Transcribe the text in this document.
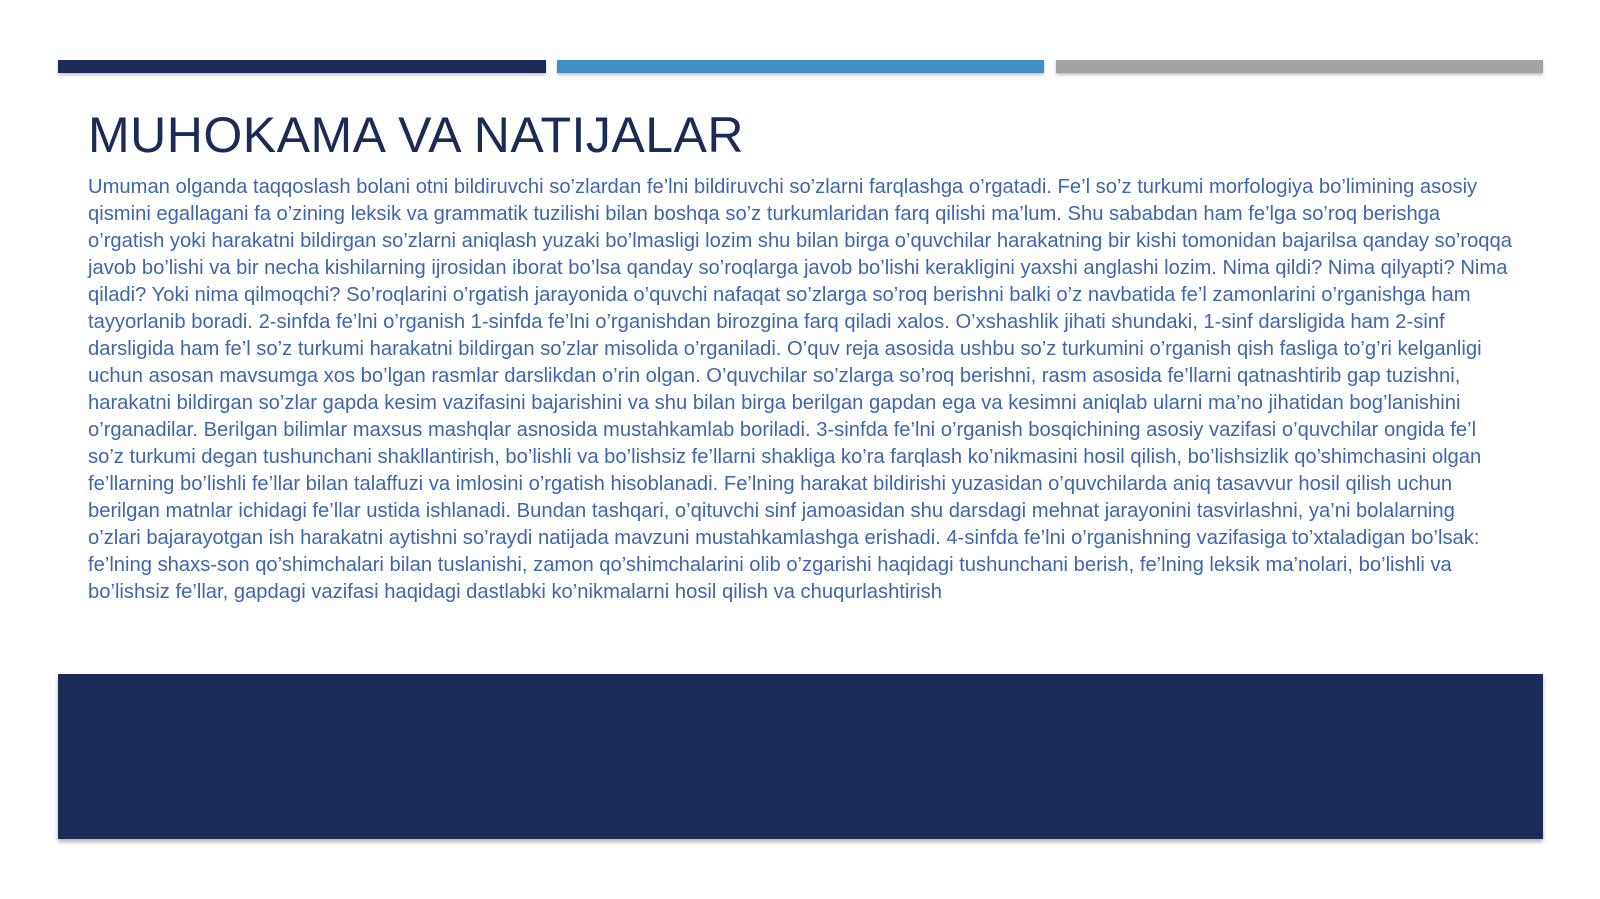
MUHOKAMA VA NATIJALAR

Umuman olganda taqqoslash bolani otni bildiruvchi so’zlardan fe’lni bildiruvchi so’zlarni farqlashga o’rgatadi. Fe’l so’z turkumi morfologiya bo’limining asosiy qismini egallagani fa o’zining leksik va grammatik tuzilishi bilan boshqa so’z turkumlaridan farq qilishi ma’lum. Shu sababdan ham fe’lga so’roq berishga o’rgatish yoki harakatni bildirgan so’zlarni aniqlash yuzaki bo’lmasligi lozim shu bilan birga o’quvchilar harakatning bir kishi tomonidan bajarilsa qanday so’roqqa javob bo’lishi va bir necha kishilarning ijrosidan iborat bo’lsa qanday so’roqlarga javob bo’lishi kerakligini yaxshi anglashi lozim. Nima qildi? Nima qilyapti? Nima qiladi? Yoki nima qilmoqchi? So’roqlarini o’rgatish jarayonida o’quvchi nafaqat so’zlarga so’roq berishni balki o’z navbatida fe’l zamonlarini o’rganishga ham tayyorlanib boradi. 2-sinfda fe’lni o’rganish 1-sinfda fe’lni o’rganishdan birozgina farq qiladi xalos. O’xshashlik jihati shundaki, 1-sinf darsligida ham 2-sinf darsligida ham fe’l so’z turkumi harakatni bildirgan so’zlar misolida o’rganiladi. O’quv reja asosida ushbu so’z turkumini o’rganish qish fasliga to’g’ri kelganligi uchun asosan mavsumga xos bo’lgan rasmlar darslikdan o’rin olgan. O’quvchilar so’zlarga so’roq berishni, rasm asosida fe’llarni qatnashtirib gap tuzishni, harakatni bildirgan so’zlar gapda kesim vazifasini bajarishini va shu bilan birga berilgan gapdan ega va kesimni aniqlab ularni ma’no jihatidan bog’lanishini o’rganadilar. Berilgan bilimlar maxsus mashqlar asnosida mustahkamlab boriladi. 3-sinfda fe’lni o’rganish bosqichining asosiy vazifasi o’quvchilar ongida fe’l so’z turkumi degan tushunchani shakllantirish, bo’lishli va bo’lishsiz fe’llarni shakliga ko’ra farqlash ko’nikmasini hosil qilish, bo’lishsizlik qo’shimchasini olgan fe’llarning bo’lishli fe’llar bilan talaffuzi va imlosini o’rgatish hisoblanadi. Fe’lning harakat bildirishi yuzasidan o’quvchilarda aniq tasavvur hosil qilish uchun berilgan matnlar ichidagi fe’llar ustida ishlanadi. Bundan tashqari, o’qituvchi sinf jamoasidan shu darsdagi mehnat jarayonini tasvirlashni, ya’ni bolalarning o’zlari bajarayotgan ish harakatni aytishni so’raydi natijada mavzuni mustahkamlashga erishadi. 4-sinfda fe’lni o’rganishning vazifasiga to’xtaladigan bo’lsak: fe’lning shaxs-son qo’shimchalari bilan tuslanishi, zamon qo’shimchalarini olib o’zgarishi haqidagi tushunchani berish, fe’lning leksik ma’nolari, bo’lishli va bo’lishsiz fe’llar, gapdagi vazifasi haqidagi dastlabki ko’nikmalarni hosil qilish va chuqurlashtirish
